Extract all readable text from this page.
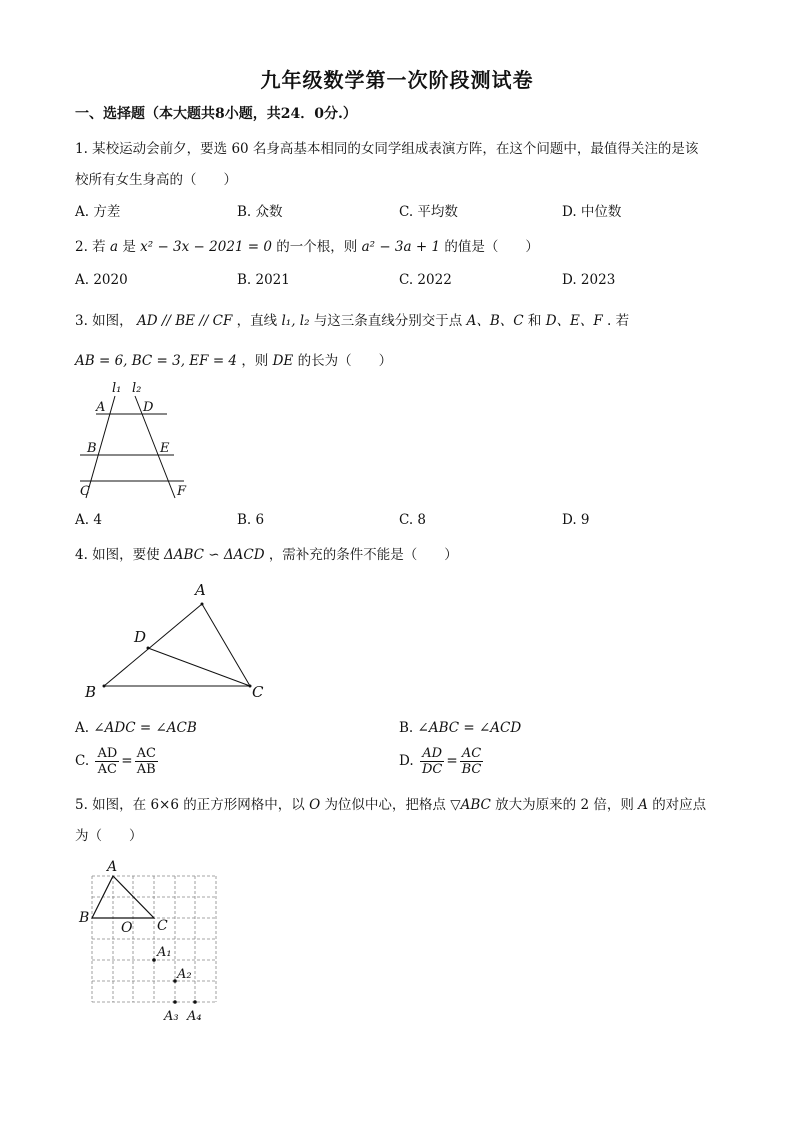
九年级数学第一次阶段测试卷
一、选择题（本大题共8小题，共24．0分.）
1. 某校运动会前夕，要选 60 名身高基本相同的女同学组成表演方阵，在这个问题中，最值得关注的是该
校所有女生身高的（　　）
A. 方差	B. 众数	C. 平均数	D. 中位数
2. 若 a 是 x² − 3x − 2021 = 0 的一个根，则 a² − 3a + 1 的值是（　　）
A. 2020	B. 2021	C. 2022	D. 2023
3. 如图， AD // BE // CF ，直线 l₁, l₂ 与这三条直线分别交于点 A、B、C 和 D、E、F . 若
AB = 6, BC = 3, EF = 4 ，则 DE 的长为（　　）
l₁ l₂
A	D
B	E
C	F
A. 4	B. 6	C. 8	D. 9
4. 如图，要使 ΔABC ∽ ΔACD ，需补充的条件不能是（　　）
A
D
B	C
A. ∠ADC = ∠ACB	B. ∠ABC = ∠ACD
C. $\frac{AD}{AC} = \frac{AC}{AB}$	D. $\frac{AD}{DC} = \frac{AC}{BC}$
5. 如图，在 6×6 的正方形网格中，以 O 为位似中心，把格点 ▽ABC 放大为原来的 2 倍，则 A 的对应点
为（　　）
A
B	C
O
A₁
A₂
A₃ A₄
